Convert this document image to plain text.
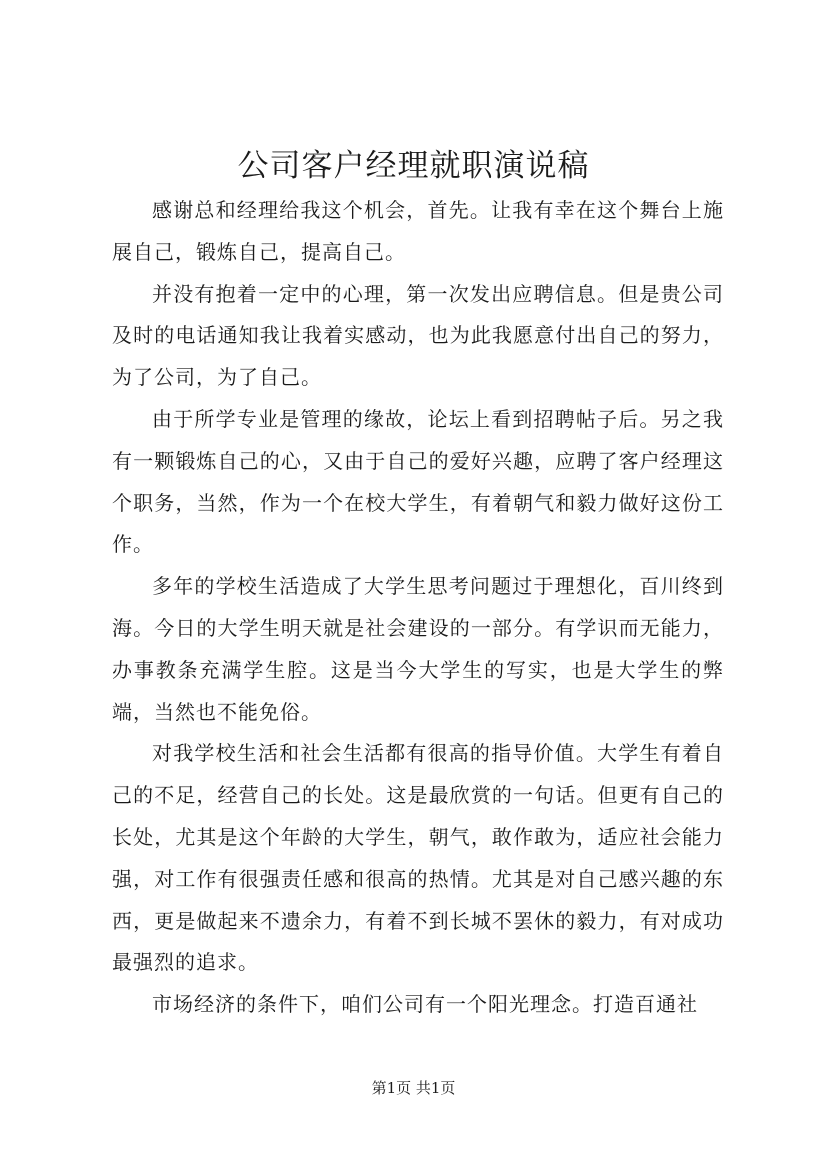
公司客户经理就职演说稿

感谢总和经理给我这个机会，首先。让我有幸在这个舞台上施展自己，锻炼自己，提高自己。

并没有抱着一定中的心理，第一次发出应聘信息。但是贵公司及时的电话通知我让我着实感动，也为此我愿意付出自己的努力，为了公司，为了自己。

由于所学专业是管理的缘故，论坛上看到招聘帖子后。另之我有一颗锻炼自己的心，又由于自己的爱好兴趣，应聘了客户经理这个职务，当然，作为一个在校大学生，有着朝气和毅力做好这份工作。

多年的学校生活造成了大学生思考问题过于理想化，百川终到海。今日的大学生明天就是社会建设的一部分。有学识而无能力，办事教条充满学生腔。这是当今大学生的写实，也是大学生的弊端，当然也不能免俗。

对我学校生活和社会生活都有很高的指导价值。大学生有着自己的不足，经营自己的长处。这是最欣赏的一句话。但更有自己的长处，尤其是这个年龄的大学生，朝气，敢作敢为，适应社会能力强，对工作有很强责任感和很高的热情。尤其是对自己感兴趣的东西，更是做起来不遗余力，有着不到长城不罢休的毅力，有对成功最强烈的追求。

市场经济的条件下，咱们公司有一个阳光理念。打造百通社

第1页 共1页
